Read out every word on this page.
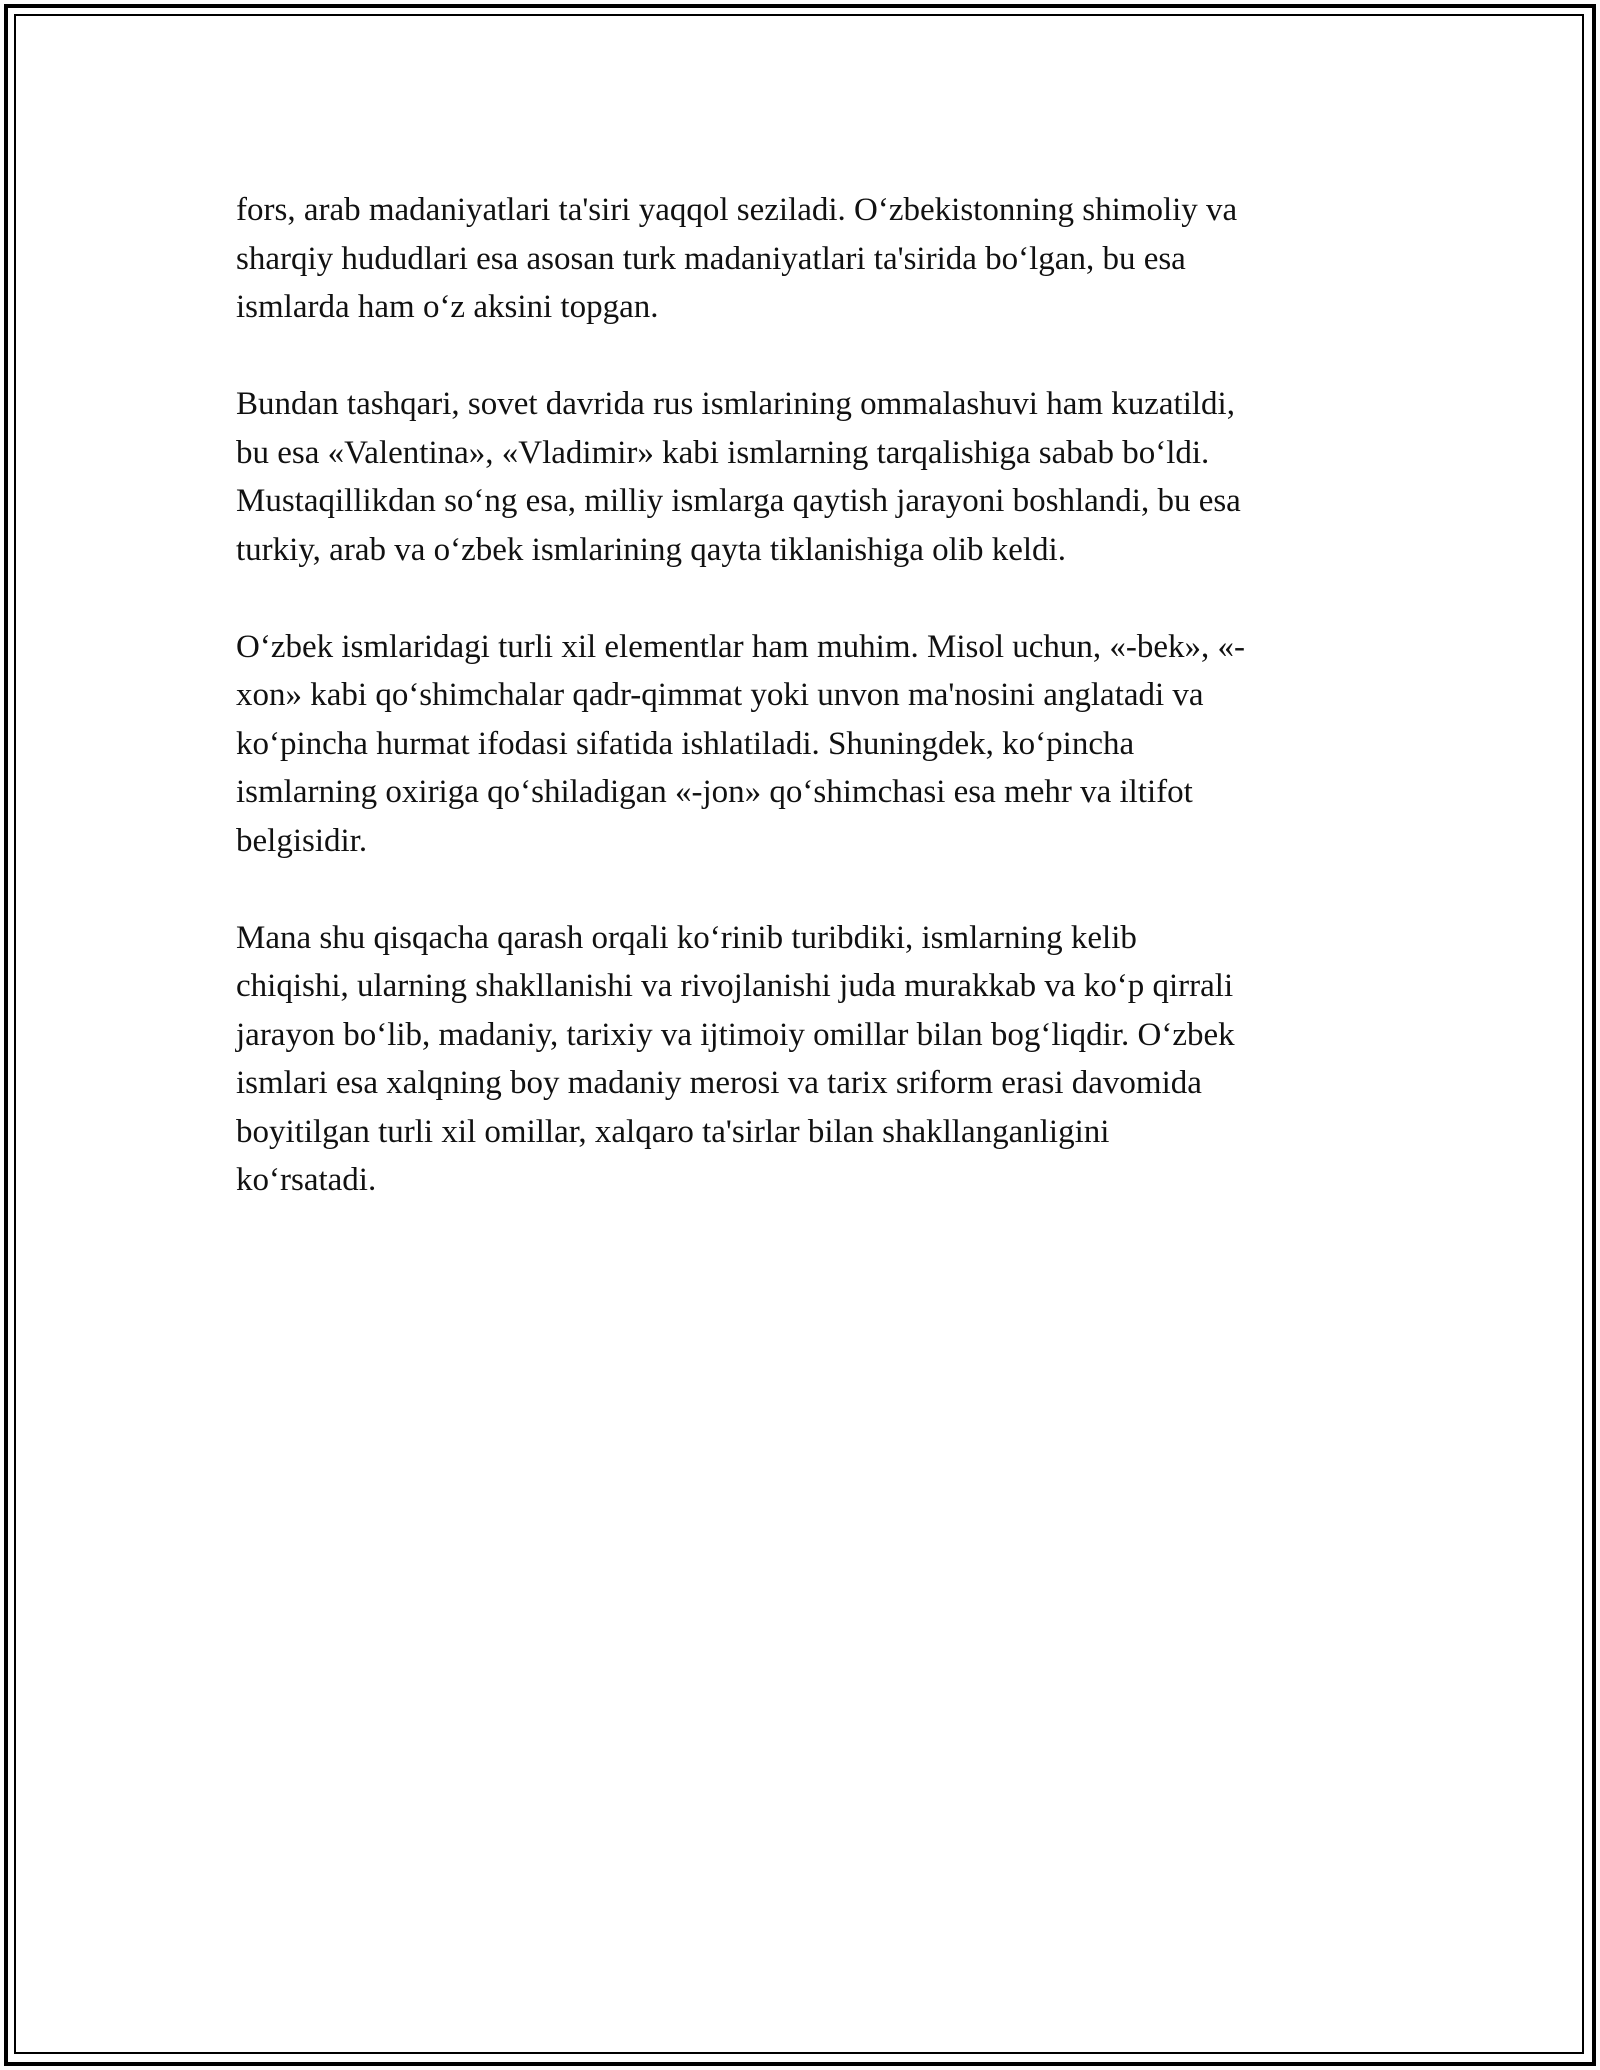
fors, arab madaniyatlari ta'siri yaqqol seziladi. O‘zbekistonning shimoliy va
sharqiy hududlari esa asosan turk madaniyatlari ta'sirida bo‘lgan, bu esa
ismlarda ham o‘z aksini topgan.

Bundan tashqari, sovet davrida rus ismlarining ommalashuvi ham kuzatildi,
bu esa «Valentina», «Vladimir» kabi ismlarning tarqalishiga sabab bo‘ldi.
Mustaqillikdan so‘ng esa, milliy ismlarga qaytish jarayoni boshlandi, bu esa
turkiy, arab va o‘zbek ismlarining qayta tiklanishiga olib keldi.

O‘zbek ismlaridagi turli xil elementlar ham muhim. Misol uchun, «-bek», «-
xon» kabi qo‘shimchalar qadr-qimmat yoki unvon ma'nosini anglatadi va
ko‘pincha hurmat ifodasi sifatida ishlatiladi. Shuningdek, ko‘pincha
ismlarning oxiriga qo‘shiladigan «-jon» qo‘shimchasi esa mehr va iltifot
belgisidir.

Mana shu qisqacha qarash orqali ko‘rinib turibdiki, ismlarning kelib
chiqishi, ularning shakllanishi va rivojlanishi juda murakkab va ko‘p qirrali
jarayon bo‘lib, madaniy, tarixiy va ijtimoiy omillar bilan bog‘liqdir. O‘zbek
ismlari esa xalqning boy madaniy merosi va tarix sriform erasi davomida
boyitilgan turli xil omillar, xalqaro ta'sirlar bilan shakllanganligini
ko‘rsatadi.
